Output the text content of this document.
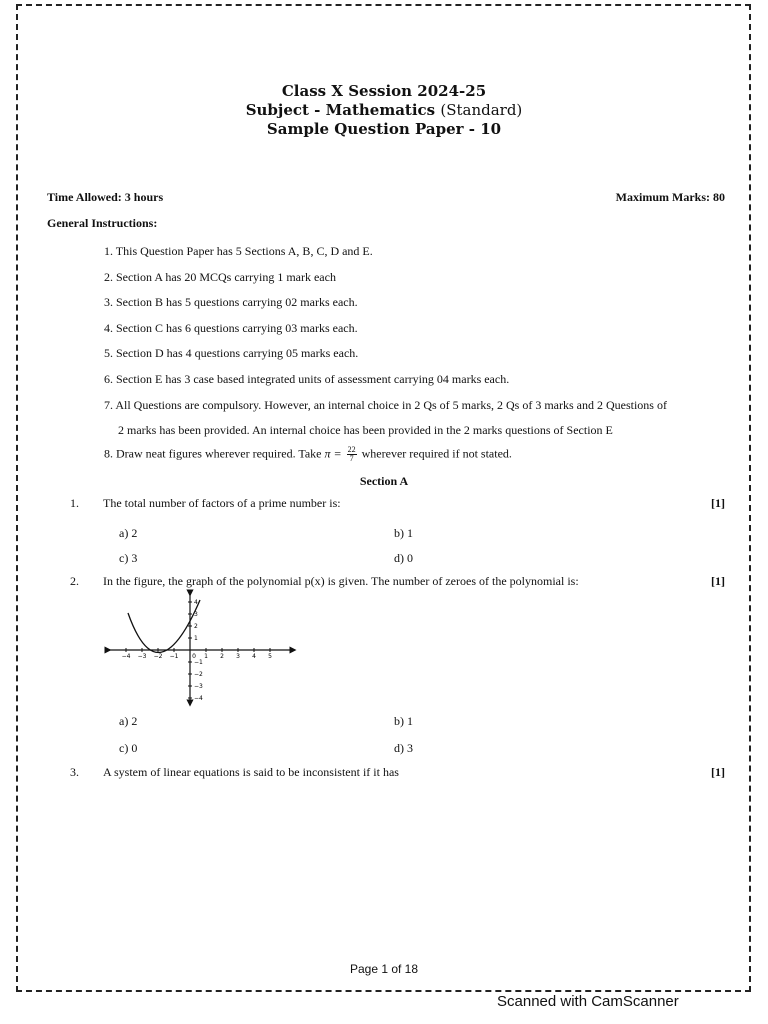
Class X Session 2024-25
Subject - Mathematics (Standard)
Sample Question Paper - 10
Time Allowed: 3 hours	Maximum Marks: 80
General Instructions:
1. This Question Paper has 5 Sections A, B, C, D and E.
2. Section A has 20 MCQs carrying 1 mark each
3. Section B has 5 questions carrying 02 marks each.
4. Section C has 6 questions carrying 03 marks each.
5. Section D has 4 questions carrying 05 marks each.
6. Section E has 3 case based integrated units of assessment carrying 04 marks each.
7. All Questions are compulsory. However, an internal choice in 2 Qs of 5 marks, 2 Qs of 3 marks and 2 Questions of
2 marks has been provided. An internal choice has been provided in the 2 marks questions of Section E
8. Draw neat figures wherever required. Take $\pi = \frac{22}{7}$ wherever required if not stated.
Section A
1. The total number of factors of a prime number is:	[1]
a) 2	b) 1
c) 3	d) 0
2. In the figure, the graph of the polynomial p(x) is given. The number of zeroes of the polynomial is:	[1]
−4 −3 −2 −1 0 1 2 3 4 5
1
2
3
4
−1
−2
−3
−4
a) 2	b) 1
c) 0	d) 3
3. A system of linear equations is said to be inconsistent if it has	[1]
Page 1 of 18
Scanned with CamScanner
